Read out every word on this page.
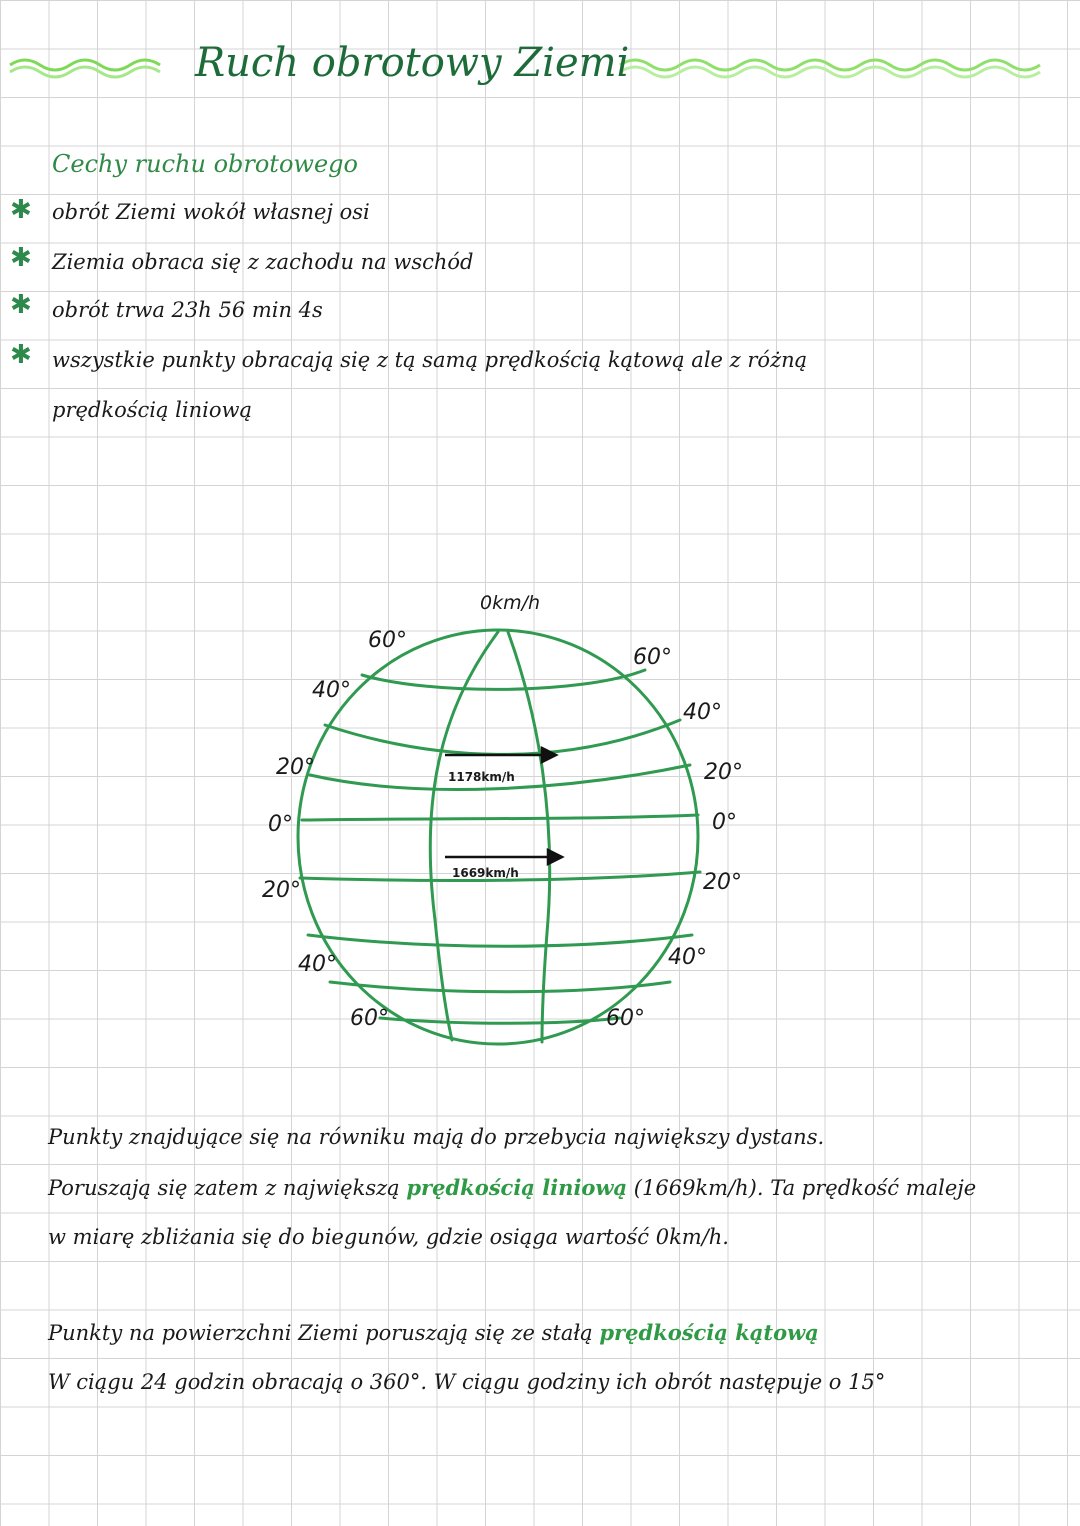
Ruch obrotowy Ziemi
Cechy ruchu obrotowego
✱ obrót Ziemi wokół własnej osi
✱ Ziemia obraca się z zachodu na wschód
✱ obrót trwa 23h 56 min 4s
✱ wszystkie punkty obracają się z tą samą prędkością kątową ale z różną
prędkością liniową
0km/h
1178km/h
1669km/h
60°
40°
20°
0°
20°
40°
60°
60°
40°
20°
0°
20°
40°
60°
Punkty znajdujące się na równiku mają do przebycia największy dystans.
Poruszają się zatem z największą prędkością liniową (1669km/h). Ta prędkość maleje
w miarę zbliżania się do biegunów, gdzie osiąga wartość 0km/h.
Punkty na powierzchni Ziemi poruszają się ze stałą prędkością kątową
W ciągu 24 godzin obracają o 360°. W ciągu godziny ich obrót następuje o 15°
